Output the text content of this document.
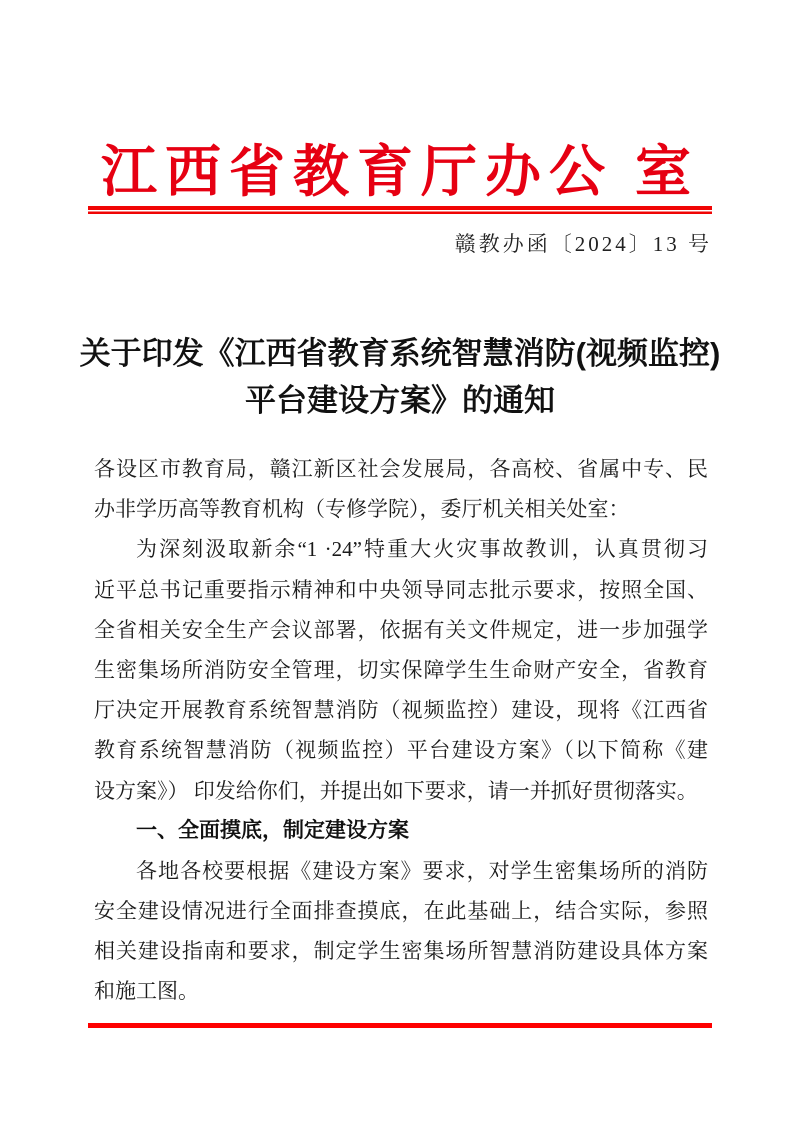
江西省教育厅办公 室
赣教办函〔2024〕13 号
关于印发《江西省教育系统智慧消防(视频监控)
平台建设方案》的通知
各设区市教育局，赣江新区社会发展局，各高校、省属中专、民
办非学历高等教育机构（专修学院），委厅机关相关处室：
为深刻汲取新余“1 ·24”特重大火灾事故教训，认真贯彻习
近平总书记重要指示精神和中央领导同志批示要求，按照全国、
全省相关安全生产会议部署，依据有关文件规定，进一步加强学
生密集场所消防安全管理，切实保障学生生命财产安全，省教育
厅决定开展教育系统智慧消防（视频监控）建设，现将《江西省
教育系统智慧消防（视频监控）平台建设方案》（以下简称《建
设方案》） 印发给你们，并提出如下要求，请一并抓好贯彻落实。
一、全面摸底，制定建设方案
各地各校要根据《建设方案》要求，对学生密集场所的消防
安全建设情况进行全面排查摸底，在此基础上，结合实际，参照
相关建设指南和要求，制定学生密集场所智慧消防建设具体方案
和施工图。
